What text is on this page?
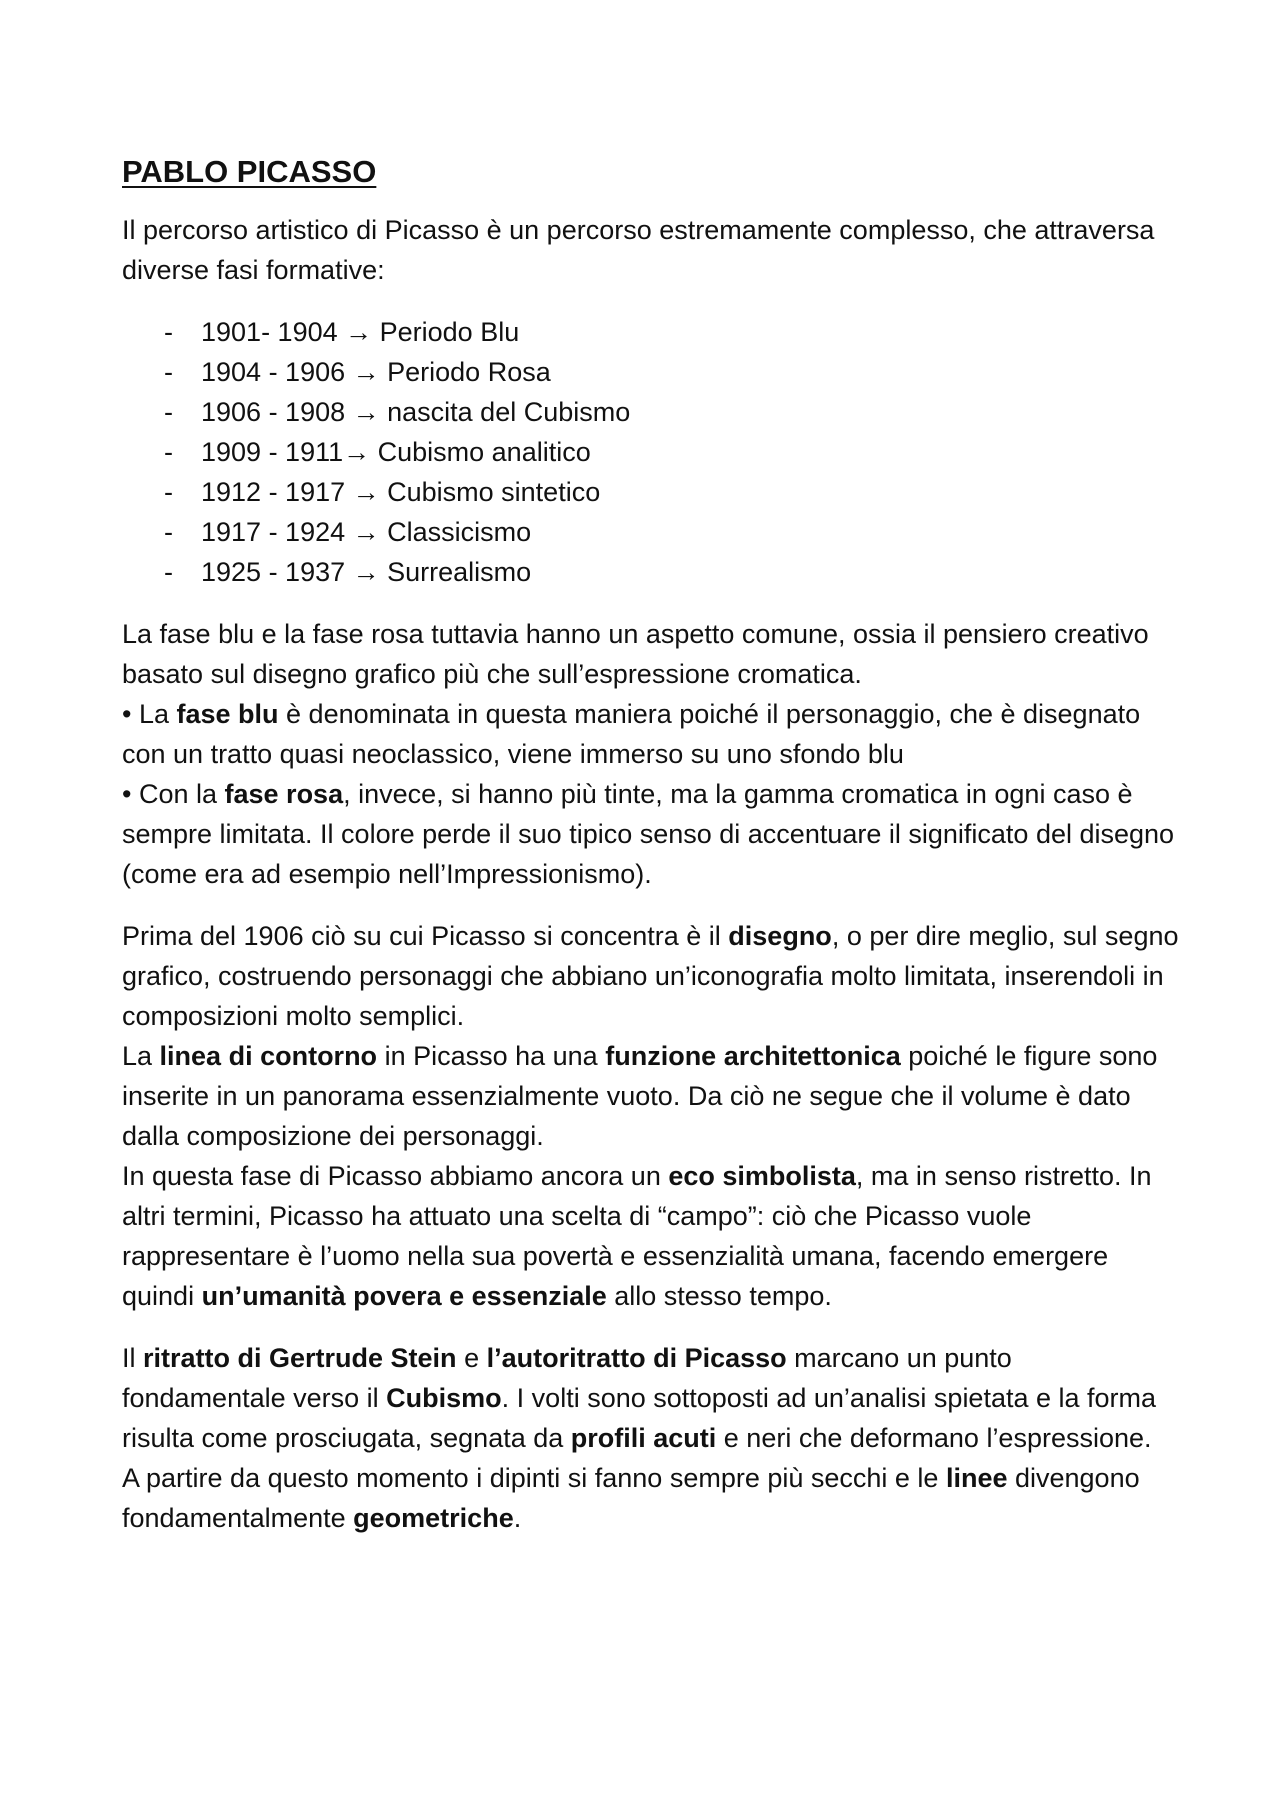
PABLO PICASSO

Il percorso artistico di Picasso è un percorso estremamente complesso, che attraversa diverse fasi formative:

- 1901- 1904 → Periodo Blu
- 1904 - 1906 → Periodo Rosa
- 1906 - 1908 → nascita del Cubismo
- 1909 - 1911→ Cubismo analitico
- 1912 - 1917 → Cubismo sintetico
- 1917 - 1924 → Classicismo
- 1925 - 1937 → Surrealismo

La fase blu e la fase rosa tuttavia hanno un aspetto comune, ossia il pensiero creativo basato sul disegno grafico più che sull’espressione cromatica.

• La fase blu è denominata in questa maniera poiché il personaggio, che è disegnato con un tratto quasi neoclassico, viene immerso su uno sfondo blu

• Con la fase rosa, invece, si hanno più tinte, ma la gamma cromatica in ogni caso è sempre limitata. Il colore perde il suo tipico senso di accentuare il significato del disegno (come era ad esempio nell’Impressionismo).

Prima del 1906 ciò su cui Picasso si concentra è il disegno, o per dire meglio, sul segno grafico, costruendo personaggi che abbiano un’iconografia molto limitata, inserendoli in composizioni molto semplici.

La linea di contorno in Picasso ha una funzione architettonica poiché le figure sono inserite in un panorama essenzialmente vuoto. Da ciò ne segue che il volume è dato dalla composizione dei personaggi.

In questa fase di Picasso abbiamo ancora un eco simbolista, ma in senso ristretto. In altri termini, Picasso ha attuato una scelta di “campo”: ciò che Picasso vuole rappresentare è l’uomo nella sua povertà e essenzialità umana, facendo emergere quindi un’umanità povera e essenziale allo stesso tempo.

Il ritratto di Gertrude Stein e l’autoritratto di Picasso marcano un punto fondamentale verso il Cubismo. I volti sono sottoposti ad un’analisi spietata e la forma risulta come prosciugata, segnata da profili acuti e neri che deformano l’espressione.

A partire da questo momento i dipinti si fanno sempre più secchi e le linee divengono fondamentalmente geometriche.
